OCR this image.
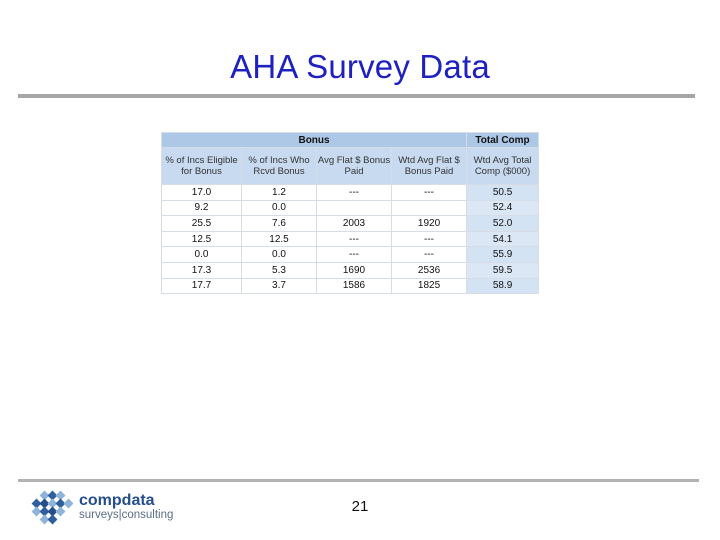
AHA Survey Data
Bonus				Total Comp
% of Incs Eligible for Bonus	% of Incs Who Rcvd Bonus	Avg Flat $ Bonus Paid	Wtd Avg Flat $ Bonus Paid	Wtd Avg Total Comp ($000)
17.0	1.2	---	---	50.5
9.2	0.0			52.4
25.5	7.6	2003	1920	52.0
12.5	12.5	---	---	54.1
0.0	0.0	---	---	55.9
17.3	5.3	1690	2536	59.5
17.7	3.7	1586	1825	58.9
compdata
surveys|consulting	21
